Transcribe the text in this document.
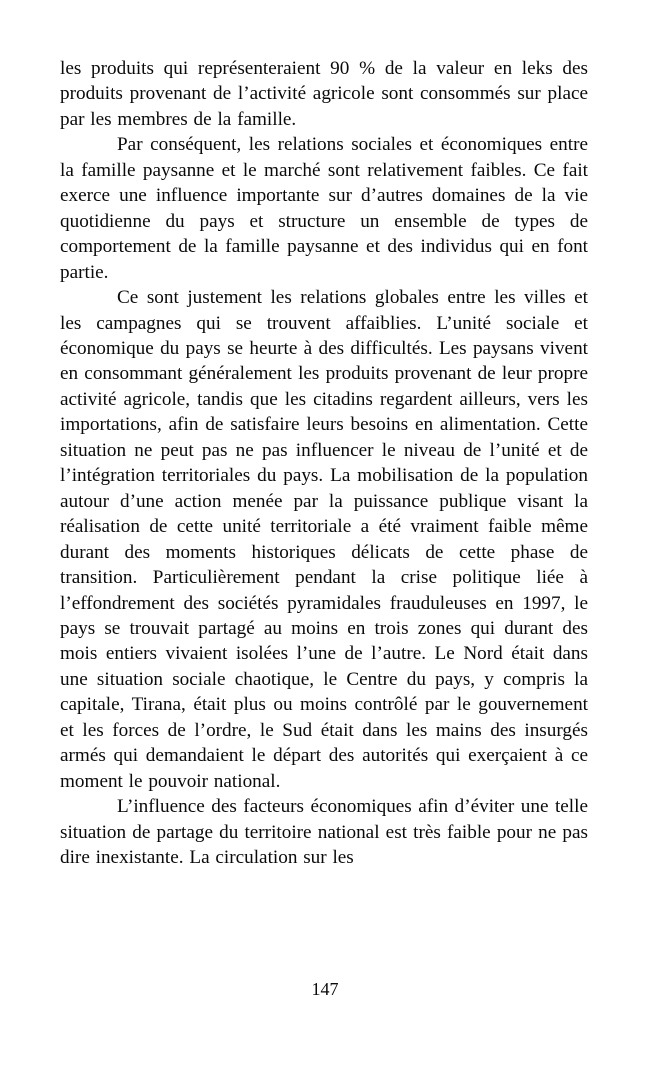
les produits qui représenteraient 90 % de la valeur en leks des produits provenant de l’activité agricole sont consommés sur place par les membres de la famille.

Par conséquent, les relations sociales et économiques entre la famille paysanne et le marché sont relativement faibles. Ce fait exerce une influence importante sur d’autres domaines de la vie quotidienne du pays et structure un ensemble de types de comportement de la famille paysanne et des individus qui en font partie.

Ce sont justement les relations globales entre les villes et les campagnes qui se trouvent affaiblies. L’unité sociale et économique du pays se heurte à des difficultés. Les paysans vivent en consommant généralement les produits provenant de leur propre activité agricole, tandis que les citadins regardent ailleurs, vers les importations, afin de satisfaire leurs besoins en alimentation. Cette situation ne peut pas ne pas influencer le niveau de l’unité et de l’intégration territoriales du pays. La mobilisation de la population autour d’une action menée par la puissance publique visant la réalisation de cette unité territoriale a été vraiment faible même durant des moments historiques délicats de cette phase de transition. Particulièrement pendant la crise politique liée à l’effondrement des sociétés pyramidales frauduleuses en 1997, le pays se trouvait partagé au moins en trois zones qui durant des mois entiers vivaient isolées l’une de l’autre. Le Nord était dans une situation sociale chaotique, le Centre du pays, y compris la capitale, Tirana, était plus ou moins contrôlé par le gouvernement et les forces de l’ordre, le Sud était dans les mains des insurgés armés qui demandaient le départ des autorités qui exerçaient à ce moment le pouvoir national.

L’influence des facteurs économiques afin d’éviter une telle situation de partage du territoire national est très faible pour ne pas dire inexistante. La circulation sur les

147
